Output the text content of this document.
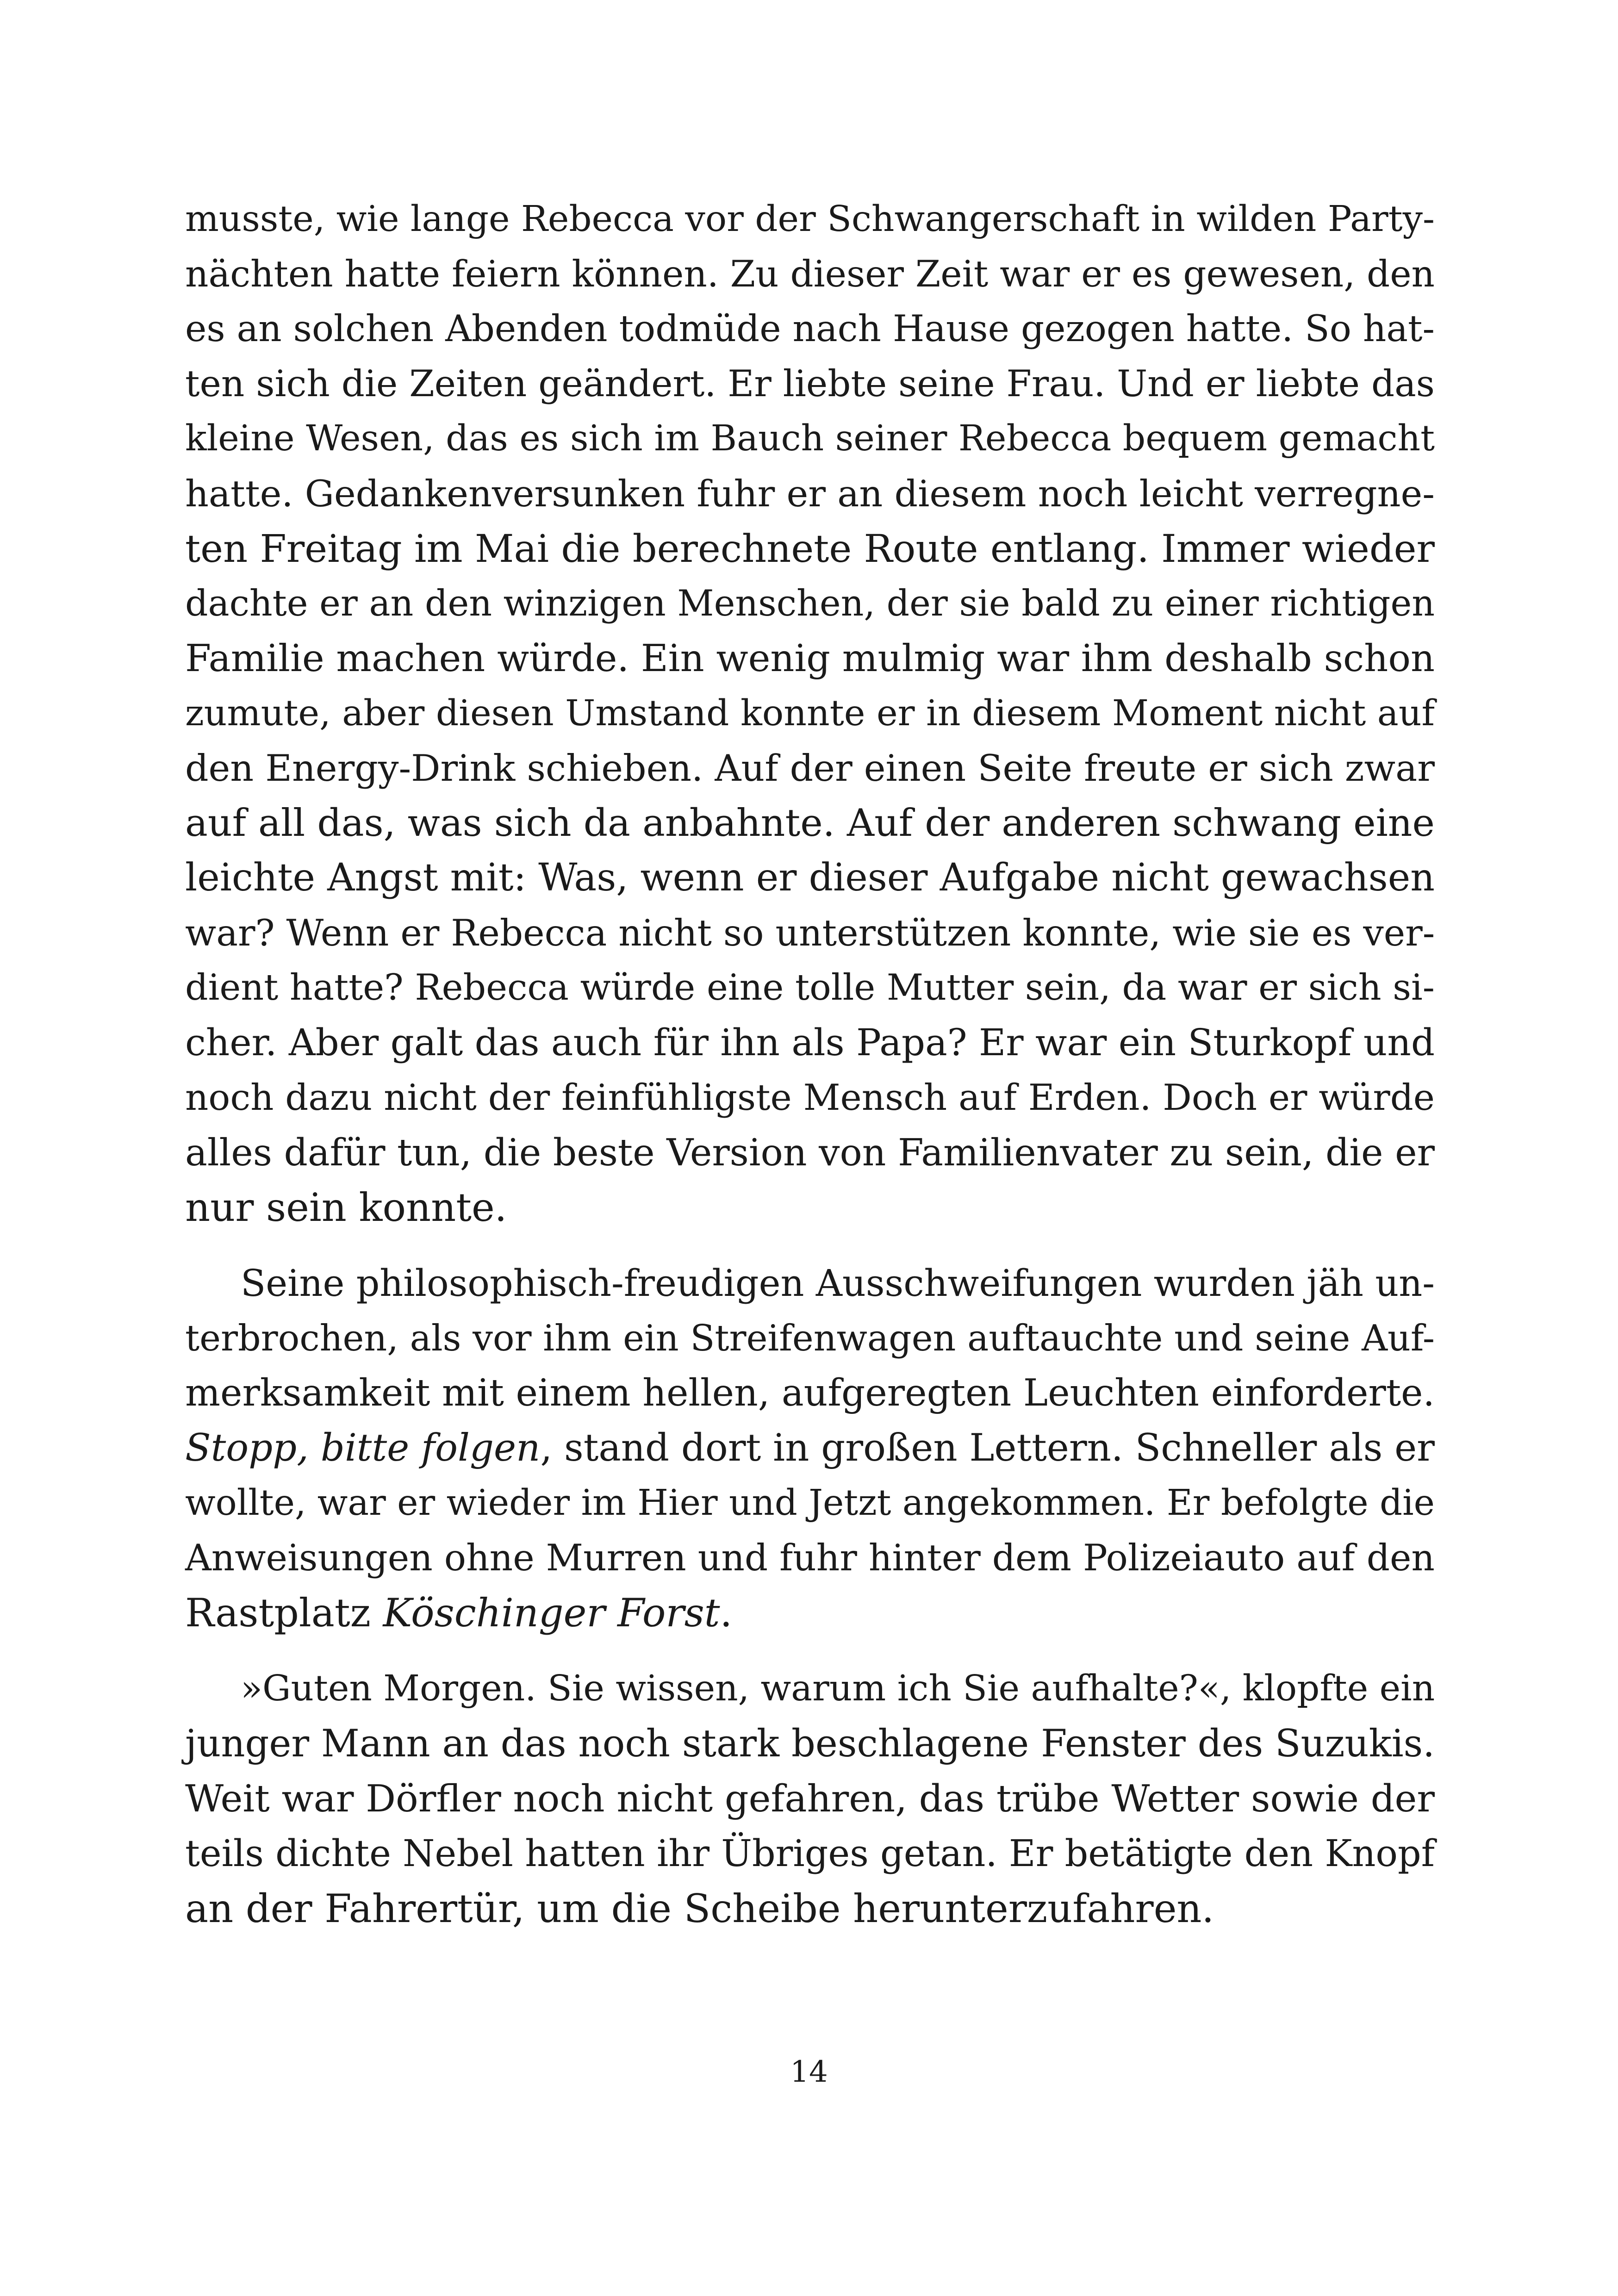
musste, wie lange Rebecca vor der Schwangerschaft in wilden Party-
nächten hatte feiern können. Zu dieser Zeit war er es gewesen, den
es an solchen Abenden todmüde nach Hause gezogen hatte. So hat-
ten sich die Zeiten geändert. Er liebte seine Frau. Und er liebte das
kleine Wesen, das es sich im Bauch seiner Rebecca bequem gemacht
hatte. Gedankenversunken fuhr er an diesem noch leicht verregne-
ten Freitag im Mai die berechnete Route entlang. Immer wieder
dachte er an den winzigen Menschen, der sie bald zu einer richtigen
Familie machen würde. Ein wenig mulmig war ihm deshalb schon
zumute, aber diesen Umstand konnte er in diesem Moment nicht auf
den Energy-Drink schieben. Auf der einen Seite freute er sich zwar
auf all das, was sich da anbahnte. Auf der anderen schwang eine
leichte Angst mit: Was, wenn er dieser Aufgabe nicht gewachsen
war? Wenn er Rebecca nicht so unterstützen konnte, wie sie es ver-
dient hatte? Rebecca würde eine tolle Mutter sein, da war er sich si-
cher. Aber galt das auch für ihn als Papa? Er war ein Sturkopf und
noch dazu nicht der feinfühligste Mensch auf Erden. Doch er würde
alles dafür tun, die beste Version von Familienvater zu sein, die er
nur sein konnte.
Seine philosophisch-freudigen Ausschweifungen wurden jäh un-
terbrochen, als vor ihm ein Streifenwagen auftauchte und seine Auf-
merksamkeit mit einem hellen, aufgeregten Leuchten einforderte.
Stopp, bitte folgen, stand dort in großen Lettern. Schneller als er
wollte, war er wieder im Hier und Jetzt angekommen. Er befolgte die
Anweisungen ohne Murren und fuhr hinter dem Polizeiauto auf den
Rastplatz Köschinger Forst.
»Guten Morgen. Sie wissen, warum ich Sie aufhalte?«, klopfte ein
junger Mann an das noch stark beschlagene Fenster des Suzukis.
Weit war Dörfler noch nicht gefahren, das trübe Wetter sowie der
teils dichte Nebel hatten ihr Übriges getan. Er betätigte den Knopf
an der Fahrertür, um die Scheibe herunterzufahren.
14
